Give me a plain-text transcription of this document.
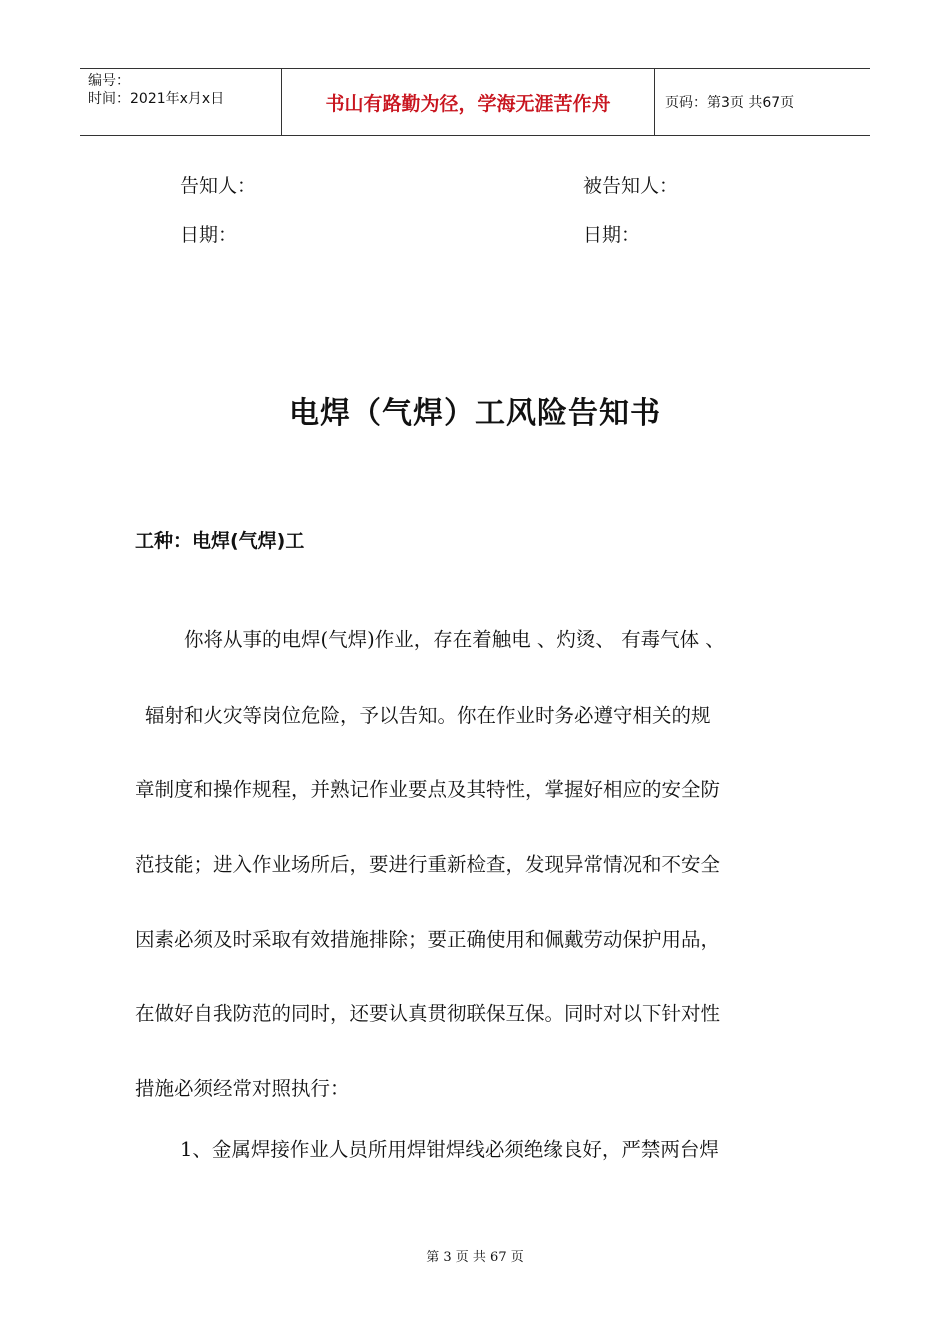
编号：
时间：2021年x月x日	书山有路勤为径，学海无涯苦作舟	页码：第3页 共67页
告知人：	被告知人：
日期：	日期：
电焊（气焊）工风险告知书
工种：电焊(气焊)工
你将从事的电焊(气焊)作业，存在着触电 、灼烫、 有毒气体 、
辐射和火灾等岗位危险，予以告知。你在作业时务必遵守相关的规
章制度和操作规程，并熟记作业要点及其特性，掌握好相应的安全防
范技能；进入作业场所后，要进行重新检查，发现异常情况和不安全
因素必须及时采取有效措施排除；要正确使用和佩戴劳动保护用品，
在做好自我防范的同时，还要认真贯彻联保互保。同时对以下针对性
措施必须经常对照执行：
1、金属焊接作业人员所用焊钳焊线必须绝缘良好，严禁两台焊
第 3 页 共 67 页
